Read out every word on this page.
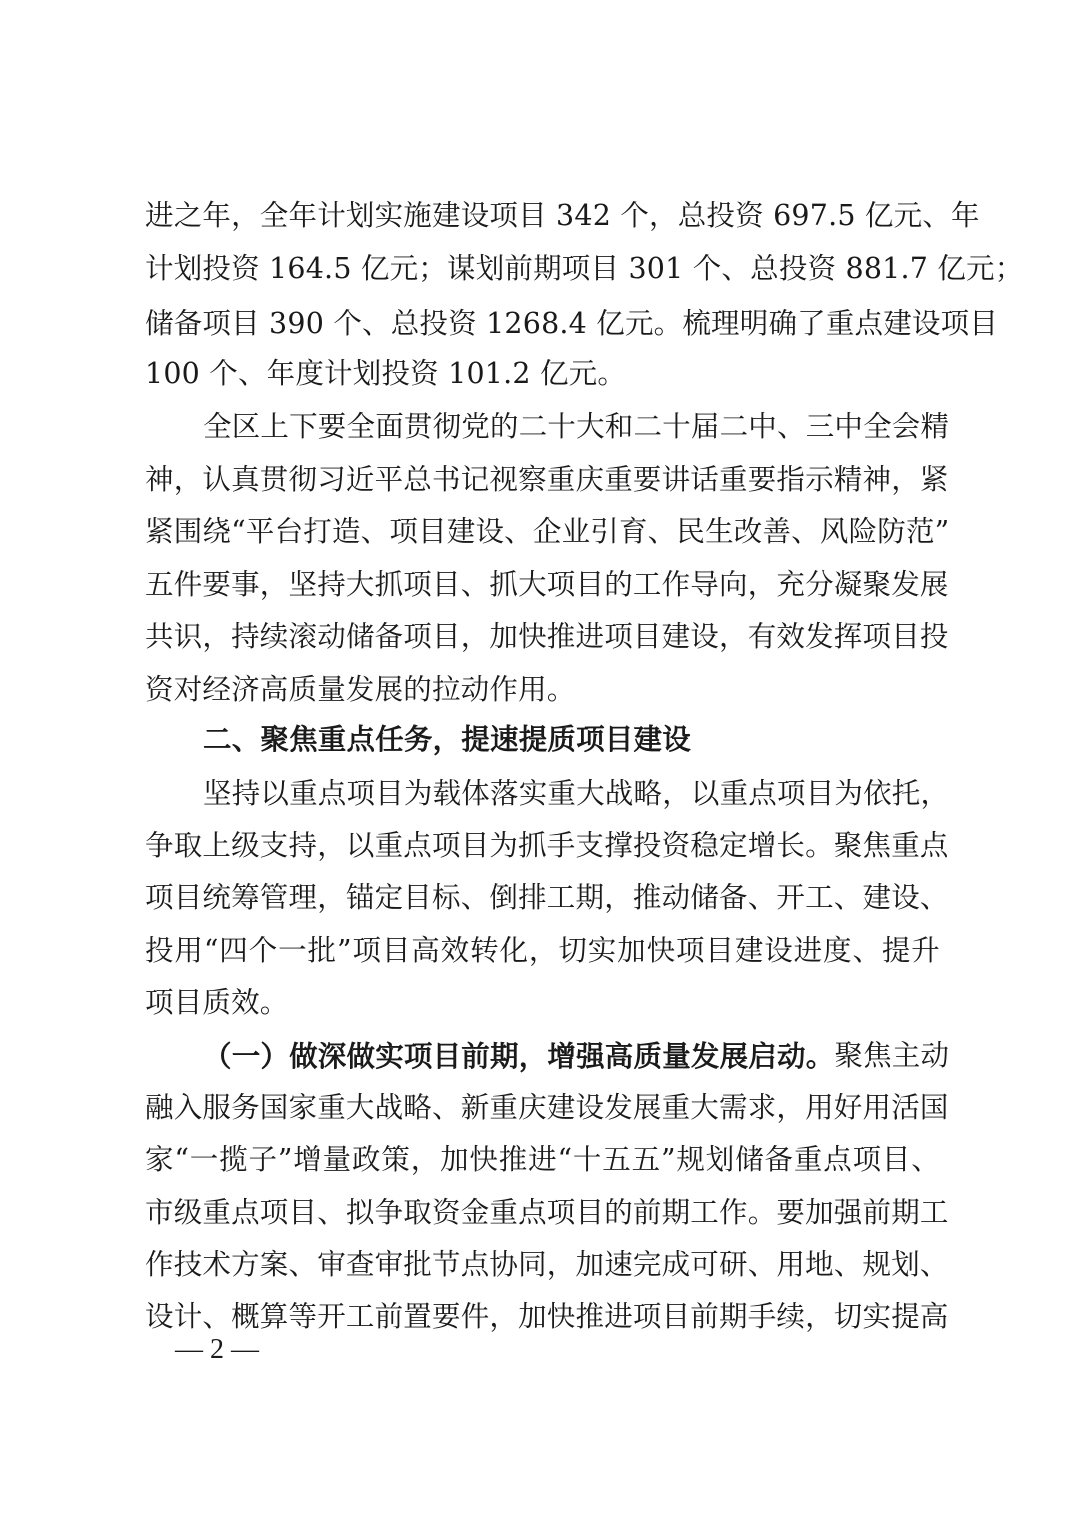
进之年，全年计划实施建设项目 342 个，总投资 697.5 亿元、年
计划投资 164.5 亿元；谋划前期项目 301 个、总投资 881.7 亿元；
储备项目 390 个、总投资 1268.4 亿元。梳理明确了重点建设项目
100 个、年度计划投资 101.2 亿元。
全区上下要全面贯彻党的二十大和二十届二中、三中全会精
神，认真贯彻习近平总书记视察重庆重要讲话重要指示精神，紧
紧围绕“平台打造、项目建设、企业引育、民生改善、风险防范”
五件要事，坚持大抓项目、抓大项目的工作导向，充分凝聚发展
共识，持续滚动储备项目，加快推进项目建设，有效发挥项目投
资对经济高质量发展的拉动作用。
二、聚焦重点任务，提速提质项目建设
坚持以重点项目为载体落实重大战略，以重点项目为依托，
争取上级支持，以重点项目为抓手支撑投资稳定增长。聚焦重点
项目统筹管理，锚定目标、倒排工期，推动储备、开工、建设、
投用“四个一批”项目高效转化，切实加快项目建设进度、提升
项目质效。
（一）做深做实项目前期，增强高质量发展启动。 聚焦主动
融入服务国家重大战略、新重庆建设发展重大需求，用好用活国
家“一揽子”增量政策，加快推进“十五五”规划储备重点项目、
市级重点项目、拟争取资金重点项目的前期工作。要加强前期工
作技术方案、审查审批节点协同，加速完成可研、用地、规划、
设计、概算等开工前置要件，加快推进项目前期手续，切实提高
— 2 —
